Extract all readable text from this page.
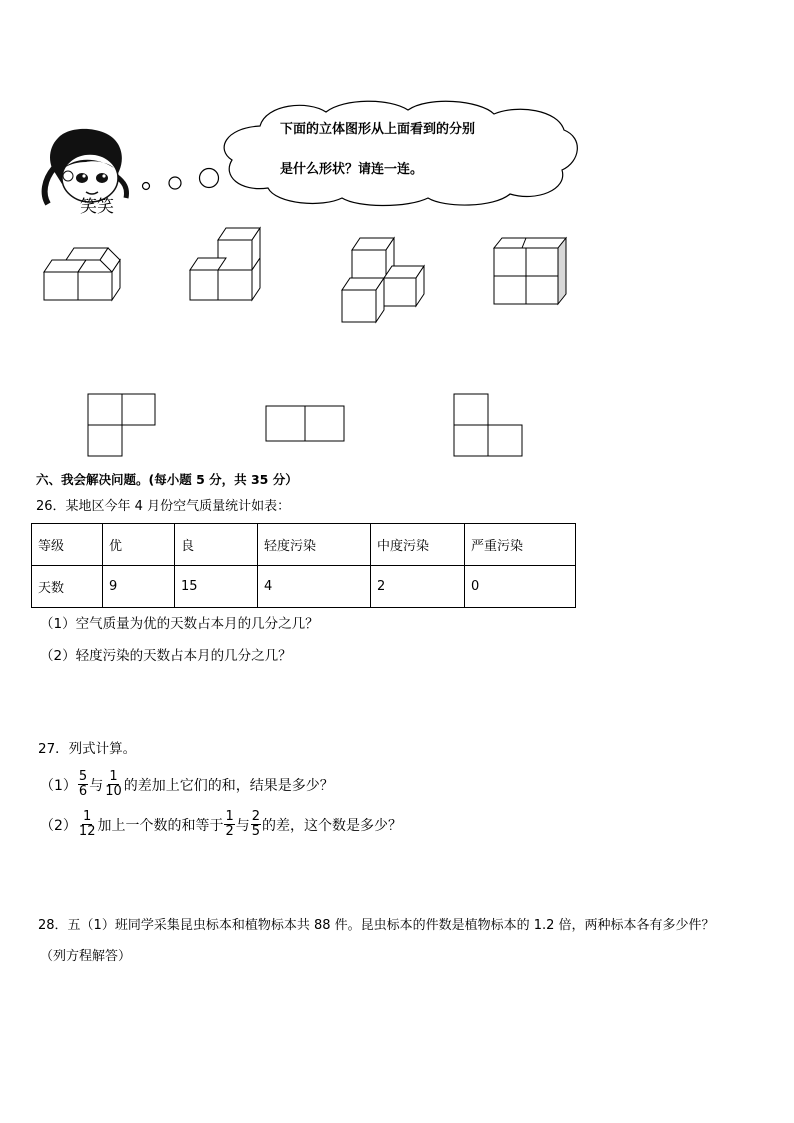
笑笑
下面的立体图形从上面看到的分别
是什么形状？请连一连。
六、我会解决问题。(每小题 5 分，共 35 分）
26．某地区今年 4 月份空气质量统计如表：
等级	优	良	轻度污染	中度污染	严重污染
天数	9	15	4	2	0
（1）空气质量为优的天数占本月的几分之几？
（2）轻度污染的天数占本月的几分之几？
27．列式计算。
$(1) \frac{5}{6}$ 与 $\frac{1}{10}$ 的差加上它们的和，结果是多少？
$(2) \frac{1}{12}$ 加上一个数的和等于 $\frac{1}{2}$ 与 $\frac{2}{5}$ 的差，这个数是多少？
28．五（1）班同学采集昆虫标本和植物标本共 88 件。昆虫标本的件数是植物标本的 1.2 倍，两种标本各有多少件？
（列方程解答）
